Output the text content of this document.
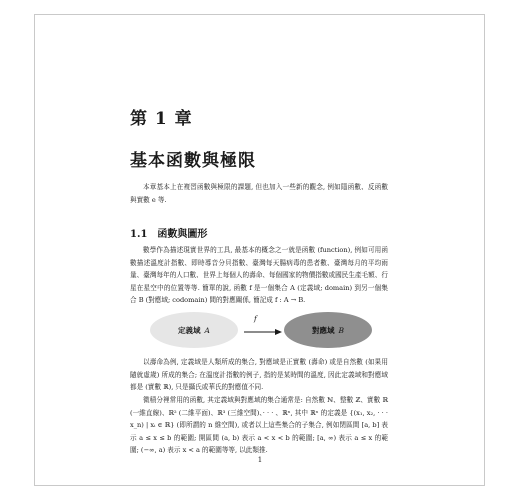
第 1 章
基本函數與極限

本章基本上在複習函數與極限的課題, 但也加入一些新的觀念, 例如隱函數、反函數與實數 e 等.

1.1 函數與圖形

數學作為描述現實世界的工具, 最基本的概念之一就是函數 (function), 例如可用函數描述溫度計指數、即時導音分貝指數、臺灣每天腸病毒的患者數、臺灣每月的平均雨量、臺灣每年的人口數、世界上每個人的壽命、每個國家的物價指數或國民生產毛額、行星在星空中的位置等等. 簡單的說, 函數 f 是一個集合 A (定義域; domain) 到另一個集合 B (對應域; codomain) 間的對應關係, 簡記成 f : A → B.

定義域 A
f
對應域 B

以壽命為例, 定義域是人類所成的集合, 對應域是正實數 (壽命) 或是自然數 (如果用隨就虛歲) 所成的集合; 在溫度計指數的例子, 指的是某時間的溫度, 因此定義域和對應域都是 (實數 ℝ), 只是攝氏或華氏的對應值不同.

微積分裡常用的函數, 其定義域與對應域的集合通常是: 自然數 ℕ、整數 ℤ、實數 ℝ (一維直線)、ℝ² (二維平面)、ℝ³ (三維空間)、· · · 、ℝⁿ, 其中 ℝⁿ 的定義是 {(x₁, x₂, · · · x_n) | xᵢ ∈ ℝ} (即所謂的 n 維空間), 或者以上這些集合的子集合, 例如閉區間 [a, b] 表示 a ≤ x ≤ b 的範圍; 開區間 (a, b) 表示 a < x < b 的範圍; [a, ∞) 表示 a ≤ x 的範圍; (−∞, a) 表示 x < a 的範圍等等, 以此類推.

1
